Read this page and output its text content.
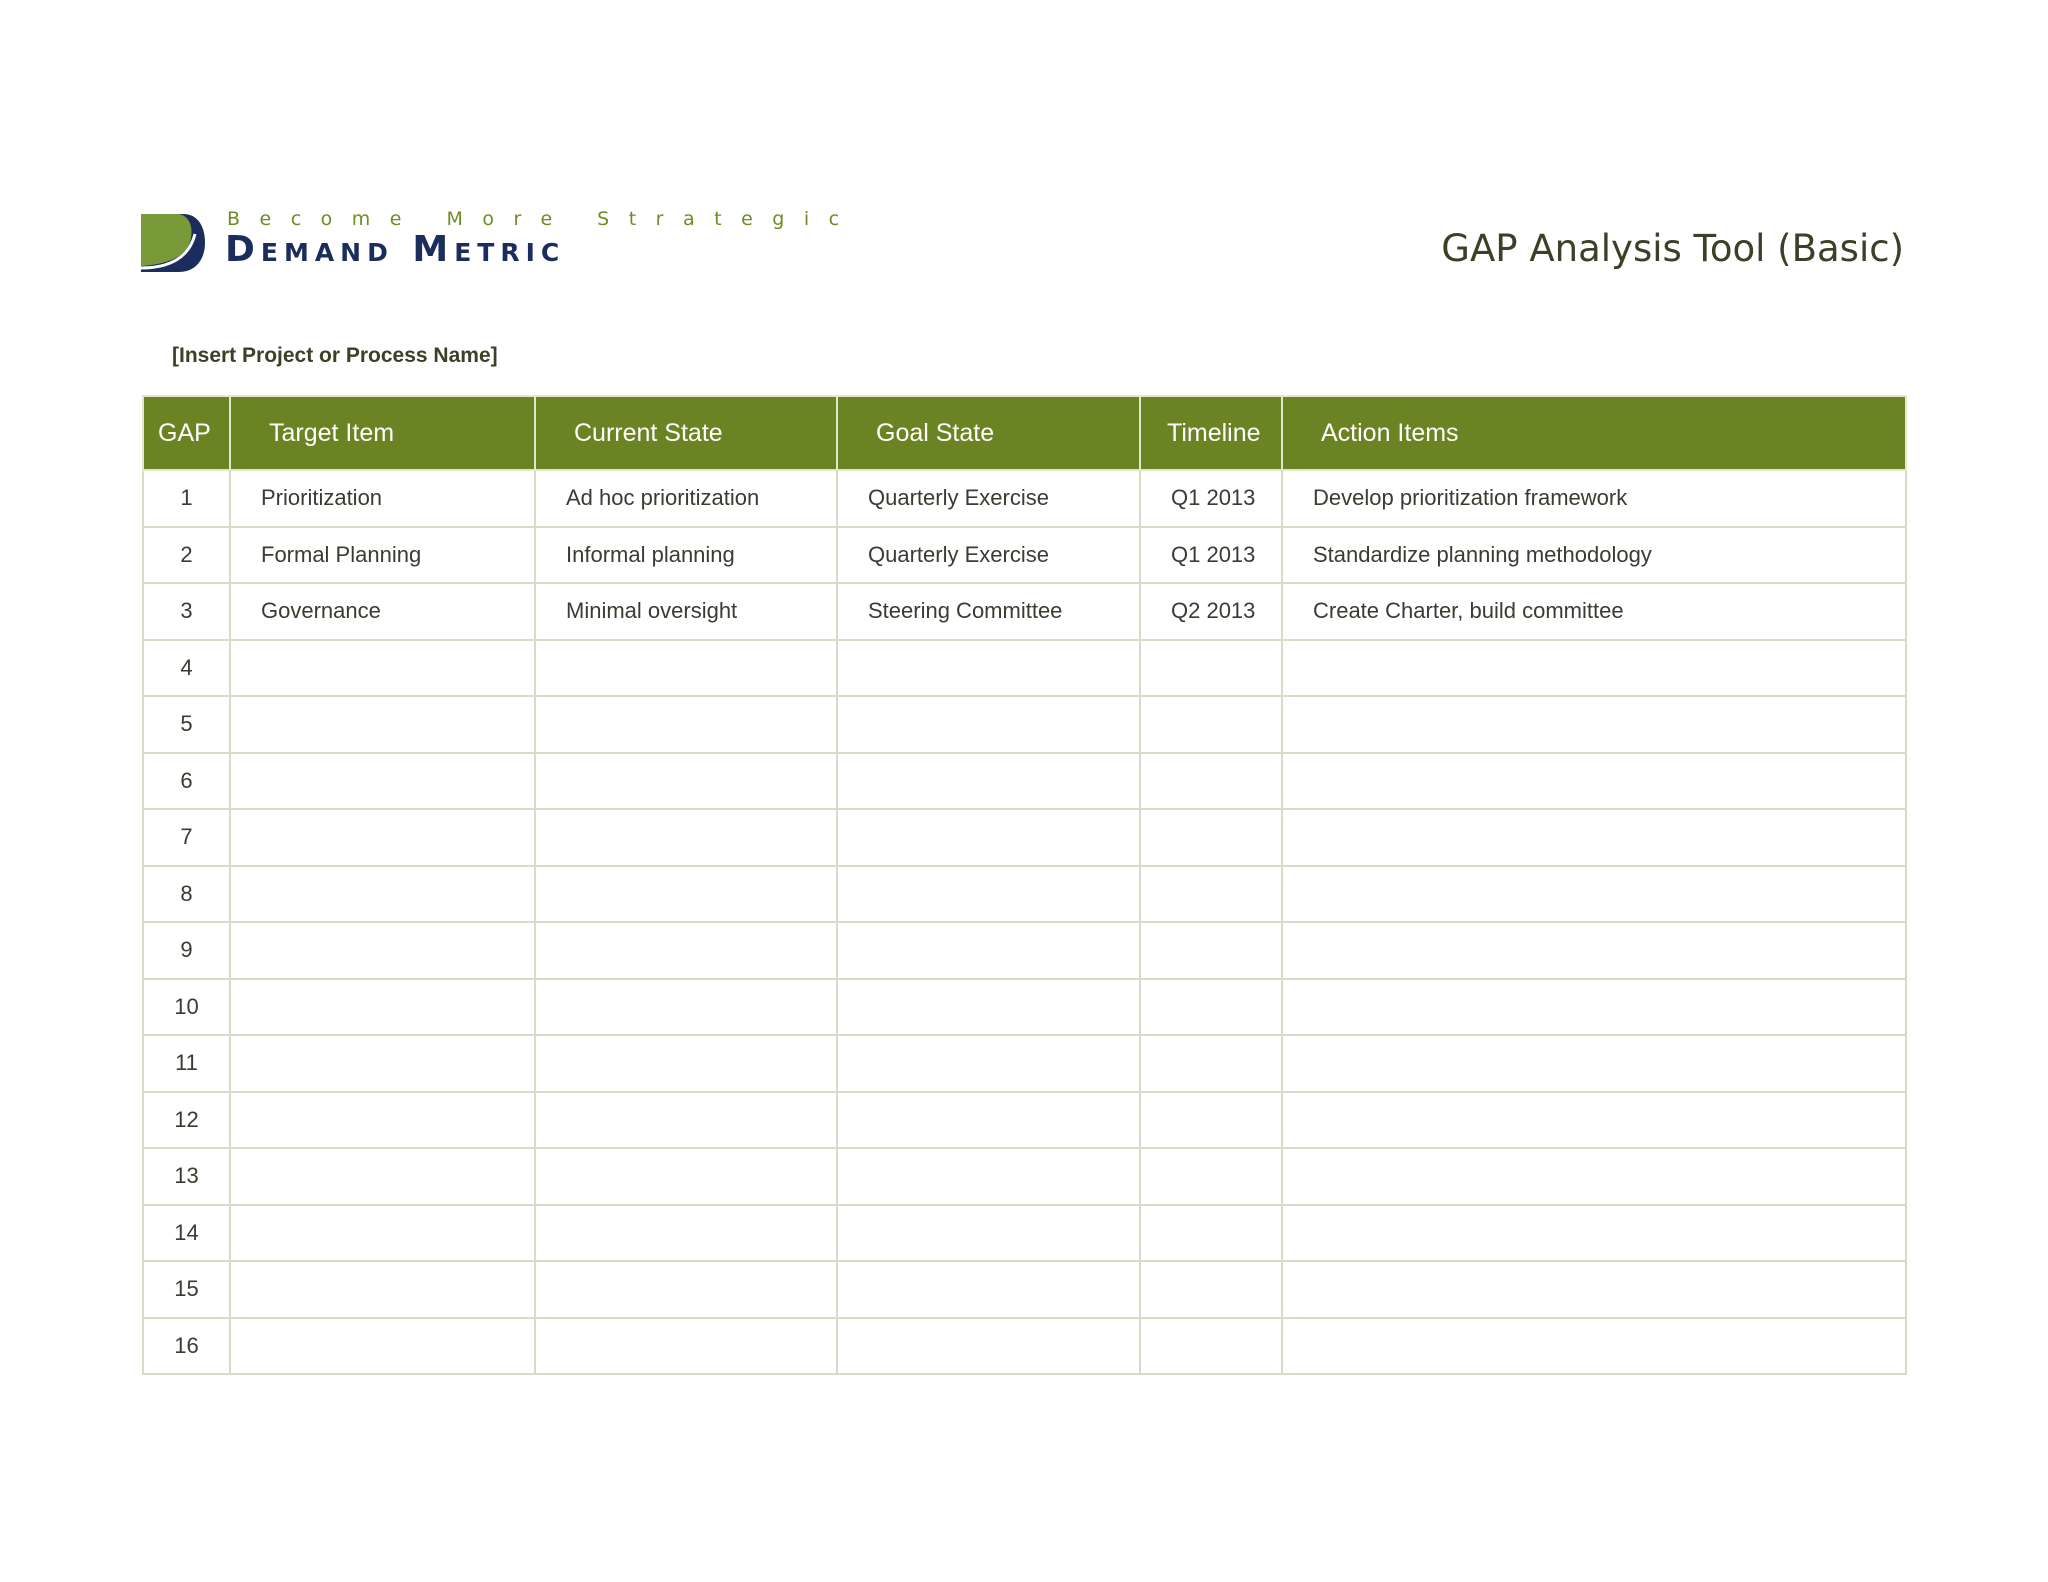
Become More Strategic
Demand Metric	GAP Analysis Tool (Basic)
[Insert Project or Process Name]
GAP	Target Item	Current State	Goal State	Timeline	Action Items
1	Prioritization	Ad hoc prioritization	Quarterly Exercise	Q1 2013	Develop prioritization framework
2	Formal Planning	Informal planning	Quarterly Exercise	Q1 2013	Standardize planning methodology
3	Governance	Minimal oversight	Steering Committee	Q2 2013	Create Charter, build committee
4					
5					
6					
7					
8					
9					
10					
11					
12					
13					
14					
15					
16					
